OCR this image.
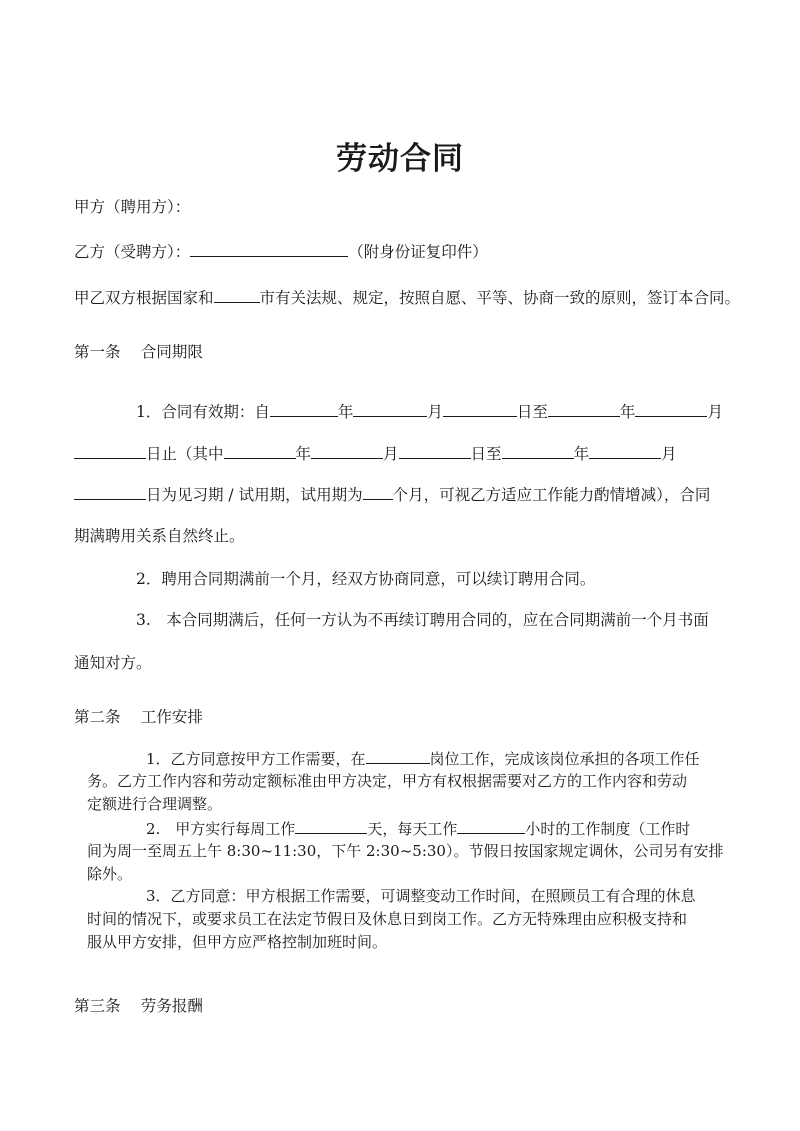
劳动合同
甲方（聘用方）：
乙方（受聘方）：	（附身份证复印件）
甲乙双方根据国家和	市有关法规、规定，按照自愿、平等、协商一致的原则，签订本合同。
第一条　 合同期限
1．合同有效期：自	年	月	日至	年	月
日止（其中	年	月	日至	年	月
日为见习期 / 试用期，试用期为 个月，可视乙方适应工作能力酌情增减），合同
期满聘用关系自然终止。
2．聘用合同期满前一个月，经双方协商同意，可以续订聘用合同。
3.　本合同期满后，任何一方认为不再续订聘用合同的，应在合同期满前一个月书面
通知对方。
第二条　 工作安排
1．乙方同意按甲方工作需要，在	岗位工作，完成该岗位承担的各项工作任
务。乙方工作内容和劳动定额标准由甲方决定，甲方有权根据需要对乙方的工作内容和劳动
定额进行合理调整。
2.　甲方实行每周工作	天，每天工作	小时的工作制度（工作时
间为周一至周五上午 8:30~11:30，下午 2:30~5:30）。节假日按国家规定调休，公司另有安排
除外。
3．乙方同意：甲方根据工作需要，可调整变动工作时间，在照顾员工有合理的休息
时间的情况下，或要求员工在法定节假日及休息日到岗工作。乙方无特殊理由应积极支持和
服从甲方安排，但甲方应严格控制加班时间。
第三条　 劳务报酬
